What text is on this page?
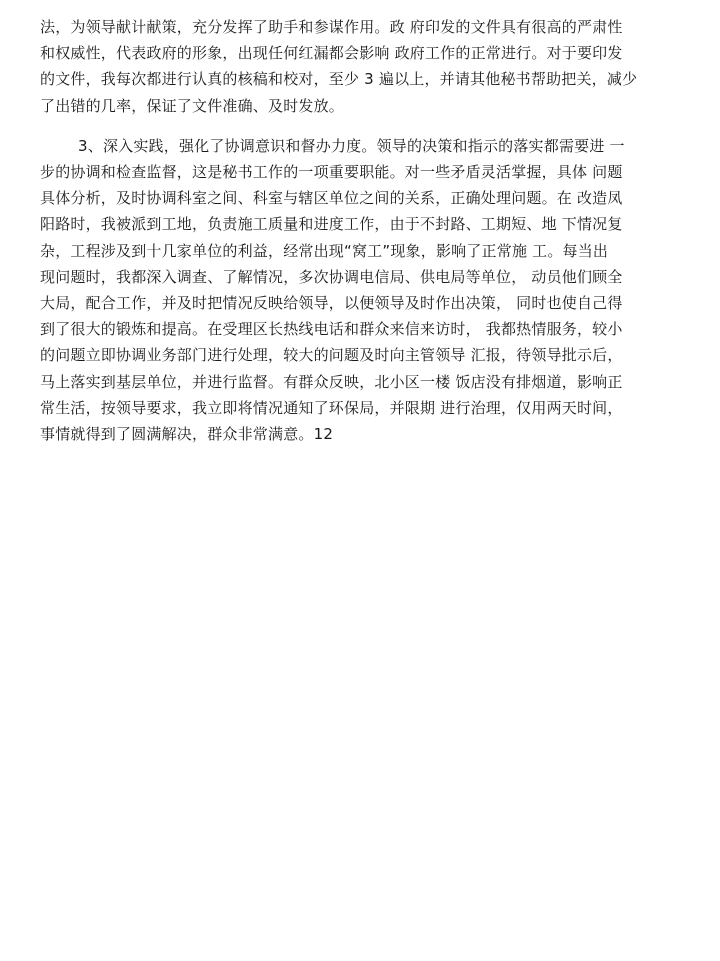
法，为领导献计献策，充分发挥了助手和参谋作用。政 府印发的文件具有很高的严肃性
和权威性，代表政府的形象，出现任何红漏都会影响 政府工作的正常进行。对于要印发
的文件，我每次都进行认真的核稿和校对，至少 3 遍以上，并请其他秘书帮助把关，减少
了出错的几率，保证了文件准确、及时发放。

3、深入实践，强化了协调意识和督办力度。领导的决策和指示的落实都需要进 一
步的协调和检查监督，这是秘书工作的一项重要职能。对一些矛盾灵活掌握，具体 问题
具体分析，及时协调科室之间、科室与辖区单位之间的关系，正确处理问题。在 改造凤
阳路时，我被派到工地，负责施工质量和进度工作，由于不封路、工期短、地 下情况复
杂，工程涉及到十几家单位的利益，经常出现“窝工”现象，影响了正常施 工。每当出
现问题时，我都深入调查、了解情况，多次协调电信局、供电局等单位， 动员他们顾全
大局，配合工作，并及时把情况反映给领导，以便领导及时作出决策， 同时也使自己得
到了很大的锻炼和提高。在受理区长热线电话和群众来信来访时， 我都热情服务，较小
的问题立即协调业务部门进行处理，较大的问题及时向主管领导 汇报，待领导批示后，
马上落实到基层单位，并进行监督。有群众反映，北小区一楼 饭店没有排烟道，影响正
常生活，按领导要求，我立即将情况通知了环保局，并限期 进行治理，仅用两天时间，
事情就得到了圆满解决，群众非常满意。12
